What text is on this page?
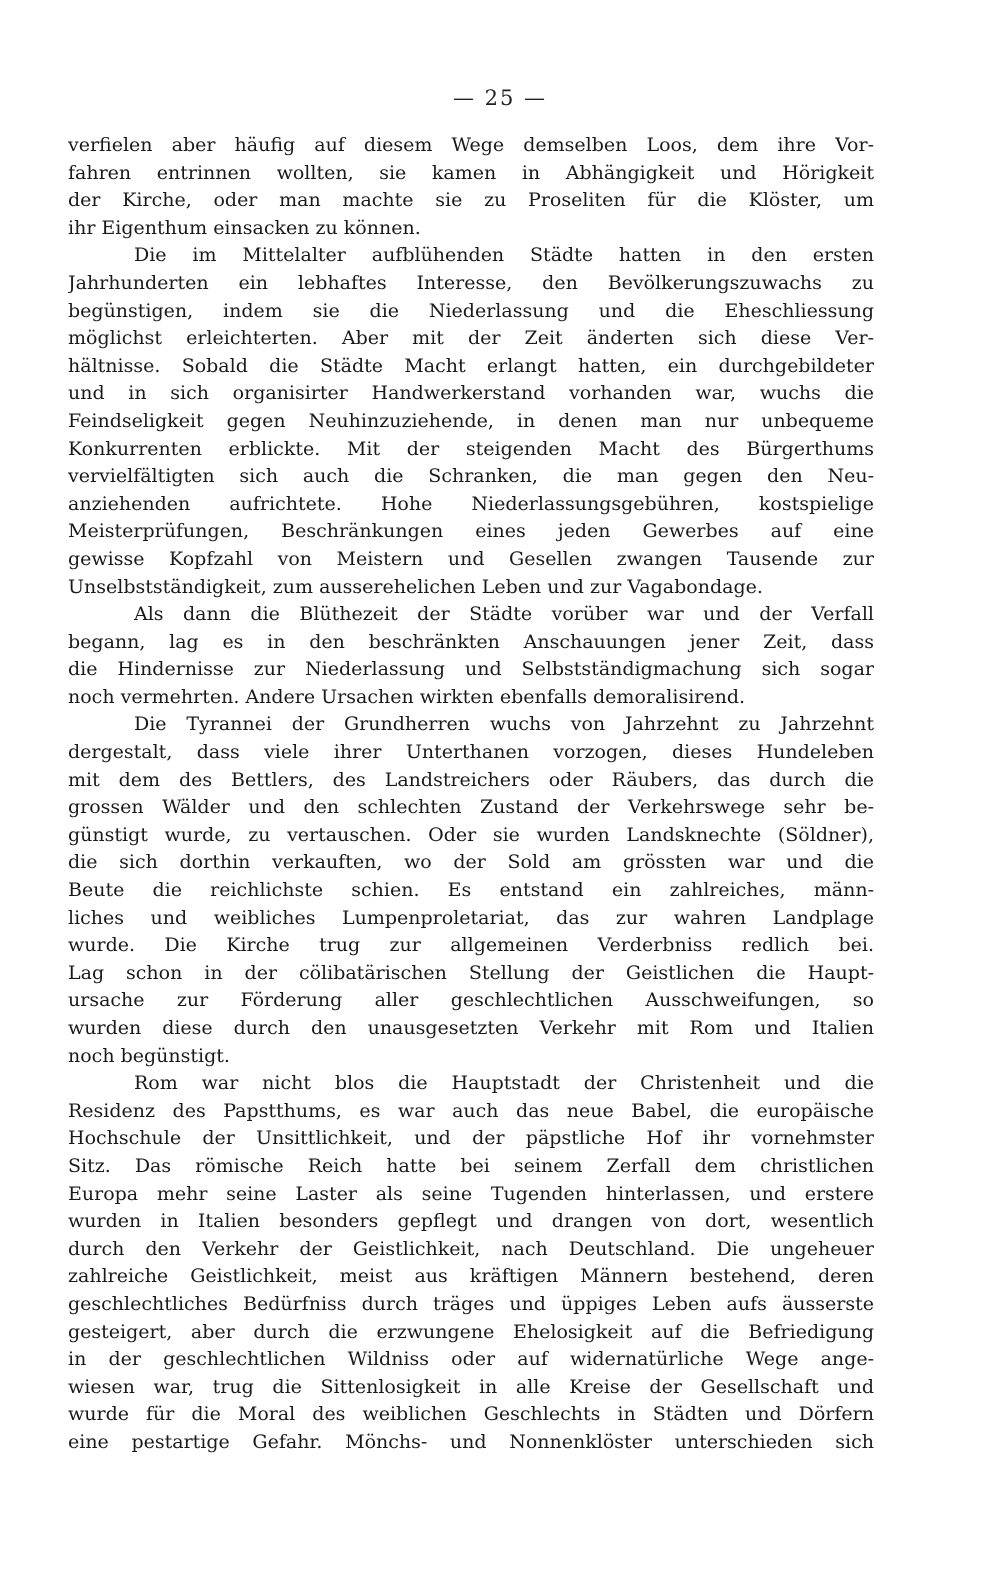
— 25 —
verfielen aber häufig auf diesem Wege demselben Loos, dem ihre Vor-
fahren entrinnen wollten, sie kamen in Abhängigkeit und Hörigkeit
der Kirche, oder man machte sie zu Proseliten für die Klöster, um
ihr Eigenthum einsacken zu können.
Die im Mittelalter aufblühenden Städte hatten in den ersten
Jahrhunderten ein lebhaftes Interesse, den Bevölkerungszuwachs zu
begünstigen, indem sie die Niederlassung und die Eheschliessung
möglichst erleichterten. Aber mit der Zeit änderten sich diese Ver-
hältnisse. Sobald die Städte Macht erlangt hatten, ein durchgebildeter
und in sich organisirter Handwerkerstand vorhanden war, wuchs die
Feindseligkeit gegen Neuhinzuziehende, in denen man nur unbequeme
Konkurrenten erblickte. Mit der steigenden Macht des Bürgerthums
vervielfältigten sich auch die Schranken, die man gegen den Neu-
anziehenden aufrichtete. Hohe Niederlassungsgebühren, kostspielige
Meisterprüfungen, Beschränkungen eines jeden Gewerbes auf eine
gewisse Kopfzahl von Meistern und Gesellen zwangen Tausende zur
Unselbstständigkeit, zum ausserehelichen Leben und zur Vagabondage.
Als dann die Blüthezeit der Städte vorüber war und der Verfall
begann, lag es in den beschränkten Anschauungen jener Zeit, dass
die Hindernisse zur Niederlassung und Selbstständigmachung sich sogar
noch vermehrten. Andere Ursachen wirkten ebenfalls demoralisirend.
Die Tyrannei der Grundherren wuchs von Jahrzehnt zu Jahrzehnt
dergestalt, dass viele ihrer Unterthanen vorzogen, dieses Hundeleben
mit dem des Bettlers, des Landstreichers oder Räubers, das durch die
grossen Wälder und den schlechten Zustand der Verkehrswege sehr be-
günstigt wurde, zu vertauschen. Oder sie wurden Landsknechte (Söldner),
die sich dorthin verkauften, wo der Sold am grössten war und die
Beute die reichlichste schien. Es entstand ein zahlreiches, männ-
liches und weibliches Lumpenproletariat, das zur wahren Landplage
wurde. Die Kirche trug zur allgemeinen Verderbniss redlich bei.
Lag schon in der cölibatärischen Stellung der Geistlichen die Haupt-
ursache zur Förderung aller geschlechtlichen Ausschweifungen, so
wurden diese durch den unausgesetzten Verkehr mit Rom und Italien
noch begünstigt.
Rom war nicht blos die Hauptstadt der Christenheit und die
Residenz des Papstthums, es war auch das neue Babel, die europäische
Hochschule der Unsittlichkeit, und der päpstliche Hof ihr vornehmster
Sitz. Das römische Reich hatte bei seinem Zerfall dem christlichen
Europa mehr seine Laster als seine Tugenden hinterlassen, und erstere
wurden in Italien besonders gepflegt und drangen von dort, wesentlich
durch den Verkehr der Geistlichkeit, nach Deutschland. Die ungeheuer
zahlreiche Geistlichkeit, meist aus kräftigen Männern bestehend, deren
geschlechtliches Bedürfniss durch träges und üppiges Leben aufs äusserste
gesteigert, aber durch die erzwungene Ehelosigkeit auf die Befriedigung
in der geschlechtlichen Wildniss oder auf widernatürliche Wege ange-
wiesen war, trug die Sittenlosigkeit in alle Kreise der Gesellschaft und
wurde für die Moral des weiblichen Geschlechts in Städten und Dörfern
eine pestartige Gefahr. Mönchs- und Nonnenklöster unterschieden sich
